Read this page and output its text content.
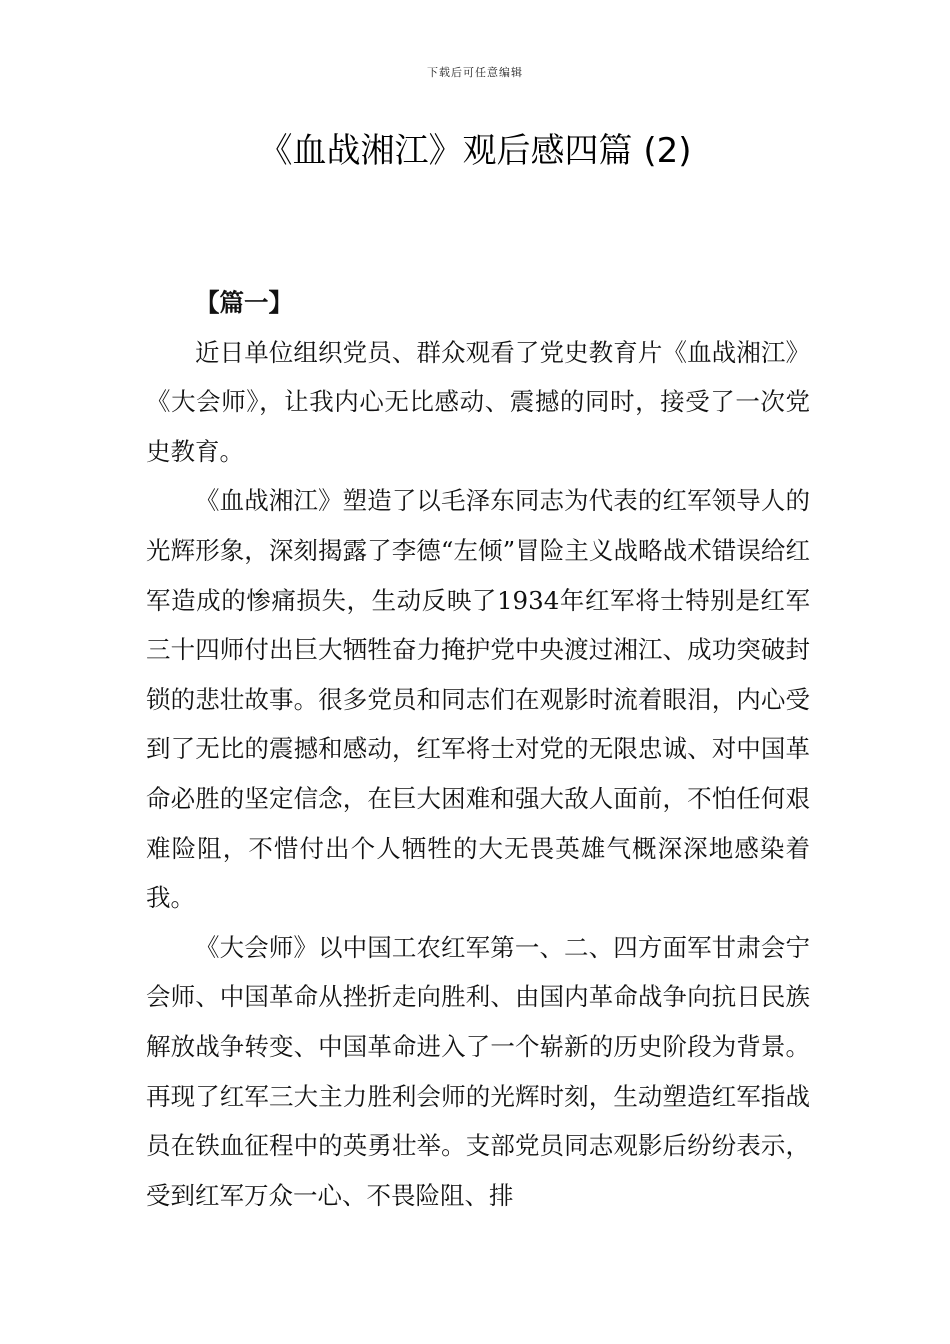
下载后可任意编辑
《血战湘江》观后感四篇 (2)

【篇一】

近日单位组织党员、群众观看了党史教育片《血战湘江》《大会师》，让我内心无比感动、震撼的同时，接受了一次党史教育。

《血战湘江》塑造了以毛泽东同志为代表的红军领导人的光辉形象，深刻揭露了李德“左倾”冒险主义战略战术错误给红军造成的惨痛损失，生动反映了1934年红军将士特别是红军三十四师付出巨大牺牲奋力掩护党中央渡过湘江、成功突破封锁的悲壮故事。很多党员和同志们在观影时流着眼泪，内心受到了无比的震撼和感动，红军将士对党的无限忠诚、对中国革命必胜的坚定信念，在巨大困难和强大敌人面前，不怕任何艰难险阻，不惜付出个人牺牲的大无畏英雄气概深深地感染着我。

《大会师》以中国工农红军第一、二、四方面军甘肃会宁会师、中国革命从挫折走向胜利、由国内革命战争向抗日民族解放战争转变、中国革命进入了一个崭新的历史阶段为背景。再现了红军三大主力胜利会师的光辉时刻，生动塑造红军指战员在铁血征程中的英勇壮举。支部党员同志观影后纷纷表示，受到红军万众一心、不畏险阻、排
